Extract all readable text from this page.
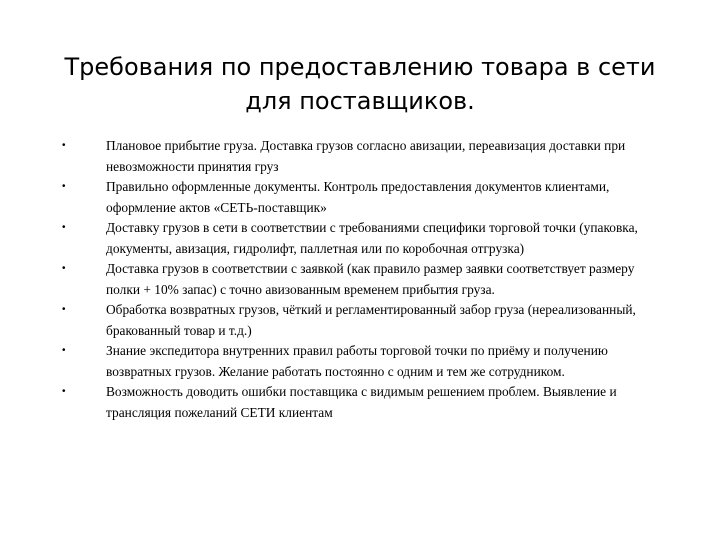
Требования по предоставлению товара в сети для поставщиков.
•	Плановое прибытие груза. Доставка грузов согласно авизации, переавизация доставки при невозможности принятия груз
•	Правильно оформленные документы. Контроль предоставления документов клиентами, оформление актов «СЕТЬ-поставщик»
•	Доставку грузов в сети в соответствии с требованиями специфики торговой точки (упаковка, документы, авизация, гидролифт, паллетная или по коробочная отгрузка)
•	Доставка грузов в соответствии с заявкой (как правило размер заявки соответствует размеру полки + 10% запас) с точно авизованным временем прибытия груза.
•	Обработка возвратных грузов, чёткий и регламентированный забор груза (нереализованный, бракованный товар и т.д.)
•	Знание экспедитора внутренних правил работы торговой точки по приёму и получению возвратных грузов. Желание работать постоянно с одним и тем же сотрудником.
•	Возможность доводить ошибки поставщика с видимым решением проблем. Выявление и трансляция пожеланий СЕТИ клиентам
